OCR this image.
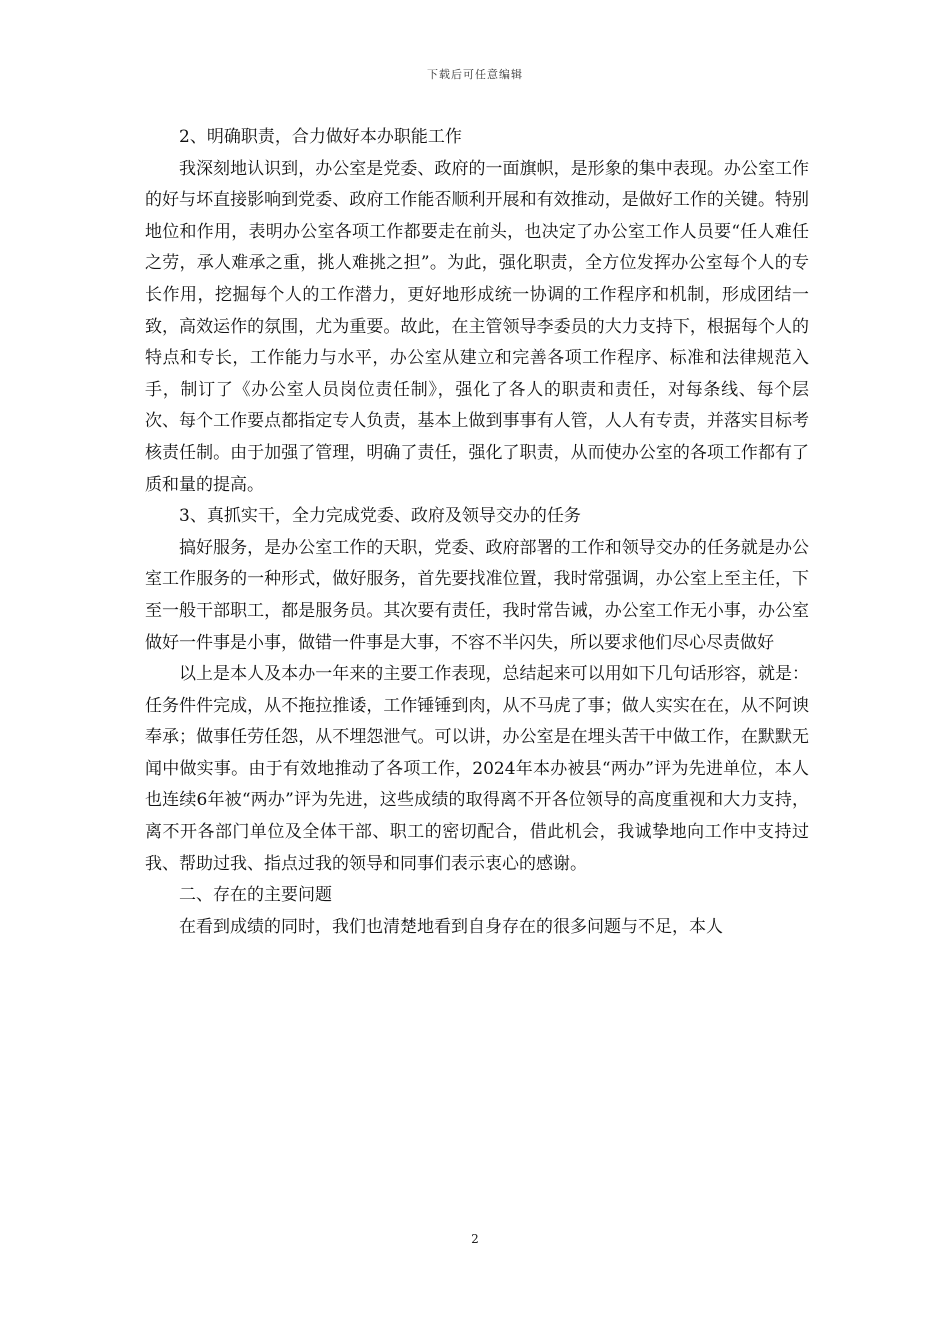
下载后可任意编辑

2、明确职责，合力做好本办职能工作

我深刻地认识到，办公室是党委、政府的一面旗帜，是形象的集中表现。办公室工作的好与坏直接影响到党委、政府工作能否顺利开展和有效推动，是做好工作的关键。特别地位和作用，表明办公室各项工作都要走在前头，也决定了办公室工作人员要“任人难任之劳，承人难承之重，挑人难挑之担”。为此，强化职责，全方位发挥办公室每个人的专长作用，挖掘每个人的工作潜力，更好地形成统一协调的工作程序和机制，形成团结一致，高效运作的氛围，尤为重要。故此，在主管领导李委员的大力支持下，根据每个人的特点和专长，工作能力与水平，办公室从建立和完善各项工作程序、标准和法律规范入手，制订了《办公室人员岗位责任制》，强化了各人的职责和责任，对每条线、每个层次、每个工作要点都指定专人负责，基本上做到事事有人管，人人有专责，并落实目标考核责任制。由于加强了管理，明确了责任，强化了职责，从而使办公室的各项工作都有了质和量的提高。

3、真抓实干，全力完成党委、政府及领导交办的任务

搞好服务，是办公室工作的天职，党委、政府部署的工作和领导交办的任务就是办公室工作服务的一种形式，做好服务，首先要找准位置，我时常强调，办公室上至主任，下至一般干部职工，都是服务员。其次要有责任，我时常告诫，办公室工作无小事，办公室做好一件事是小事，做错一件事是大事，不容不半闪失，所以要求他们尽心尽责做好

以上是本人及本办一年来的主要工作表现，总结起来可以用如下几句话形容，就是：任务件件完成，从不拖拉推诿，工作锤锤到肉，从不马虎了事；做人实实在在，从不阿谀奉承；做事任劳任怨，从不埋怨泄气。可以讲，办公室是在埋头苦干中做工作，在默默无闻中做实事。由于有效地推动了各项工作，2024年本办被县“两办”评为先进单位，本人也连续6年被“两办”评为先进，这些成绩的取得离不开各位领导的高度重视和大力支持，离不开各部门单位及全体干部、职工的密切配合，借此机会，我诚挚地向工作中支持过我、帮助过我、指点过我的领导和同事们表示衷心的感谢。

二、存在的主要问题

在看到成绩的同时，我们也清楚地看到自身存在的很多问题与不足，本人

2
